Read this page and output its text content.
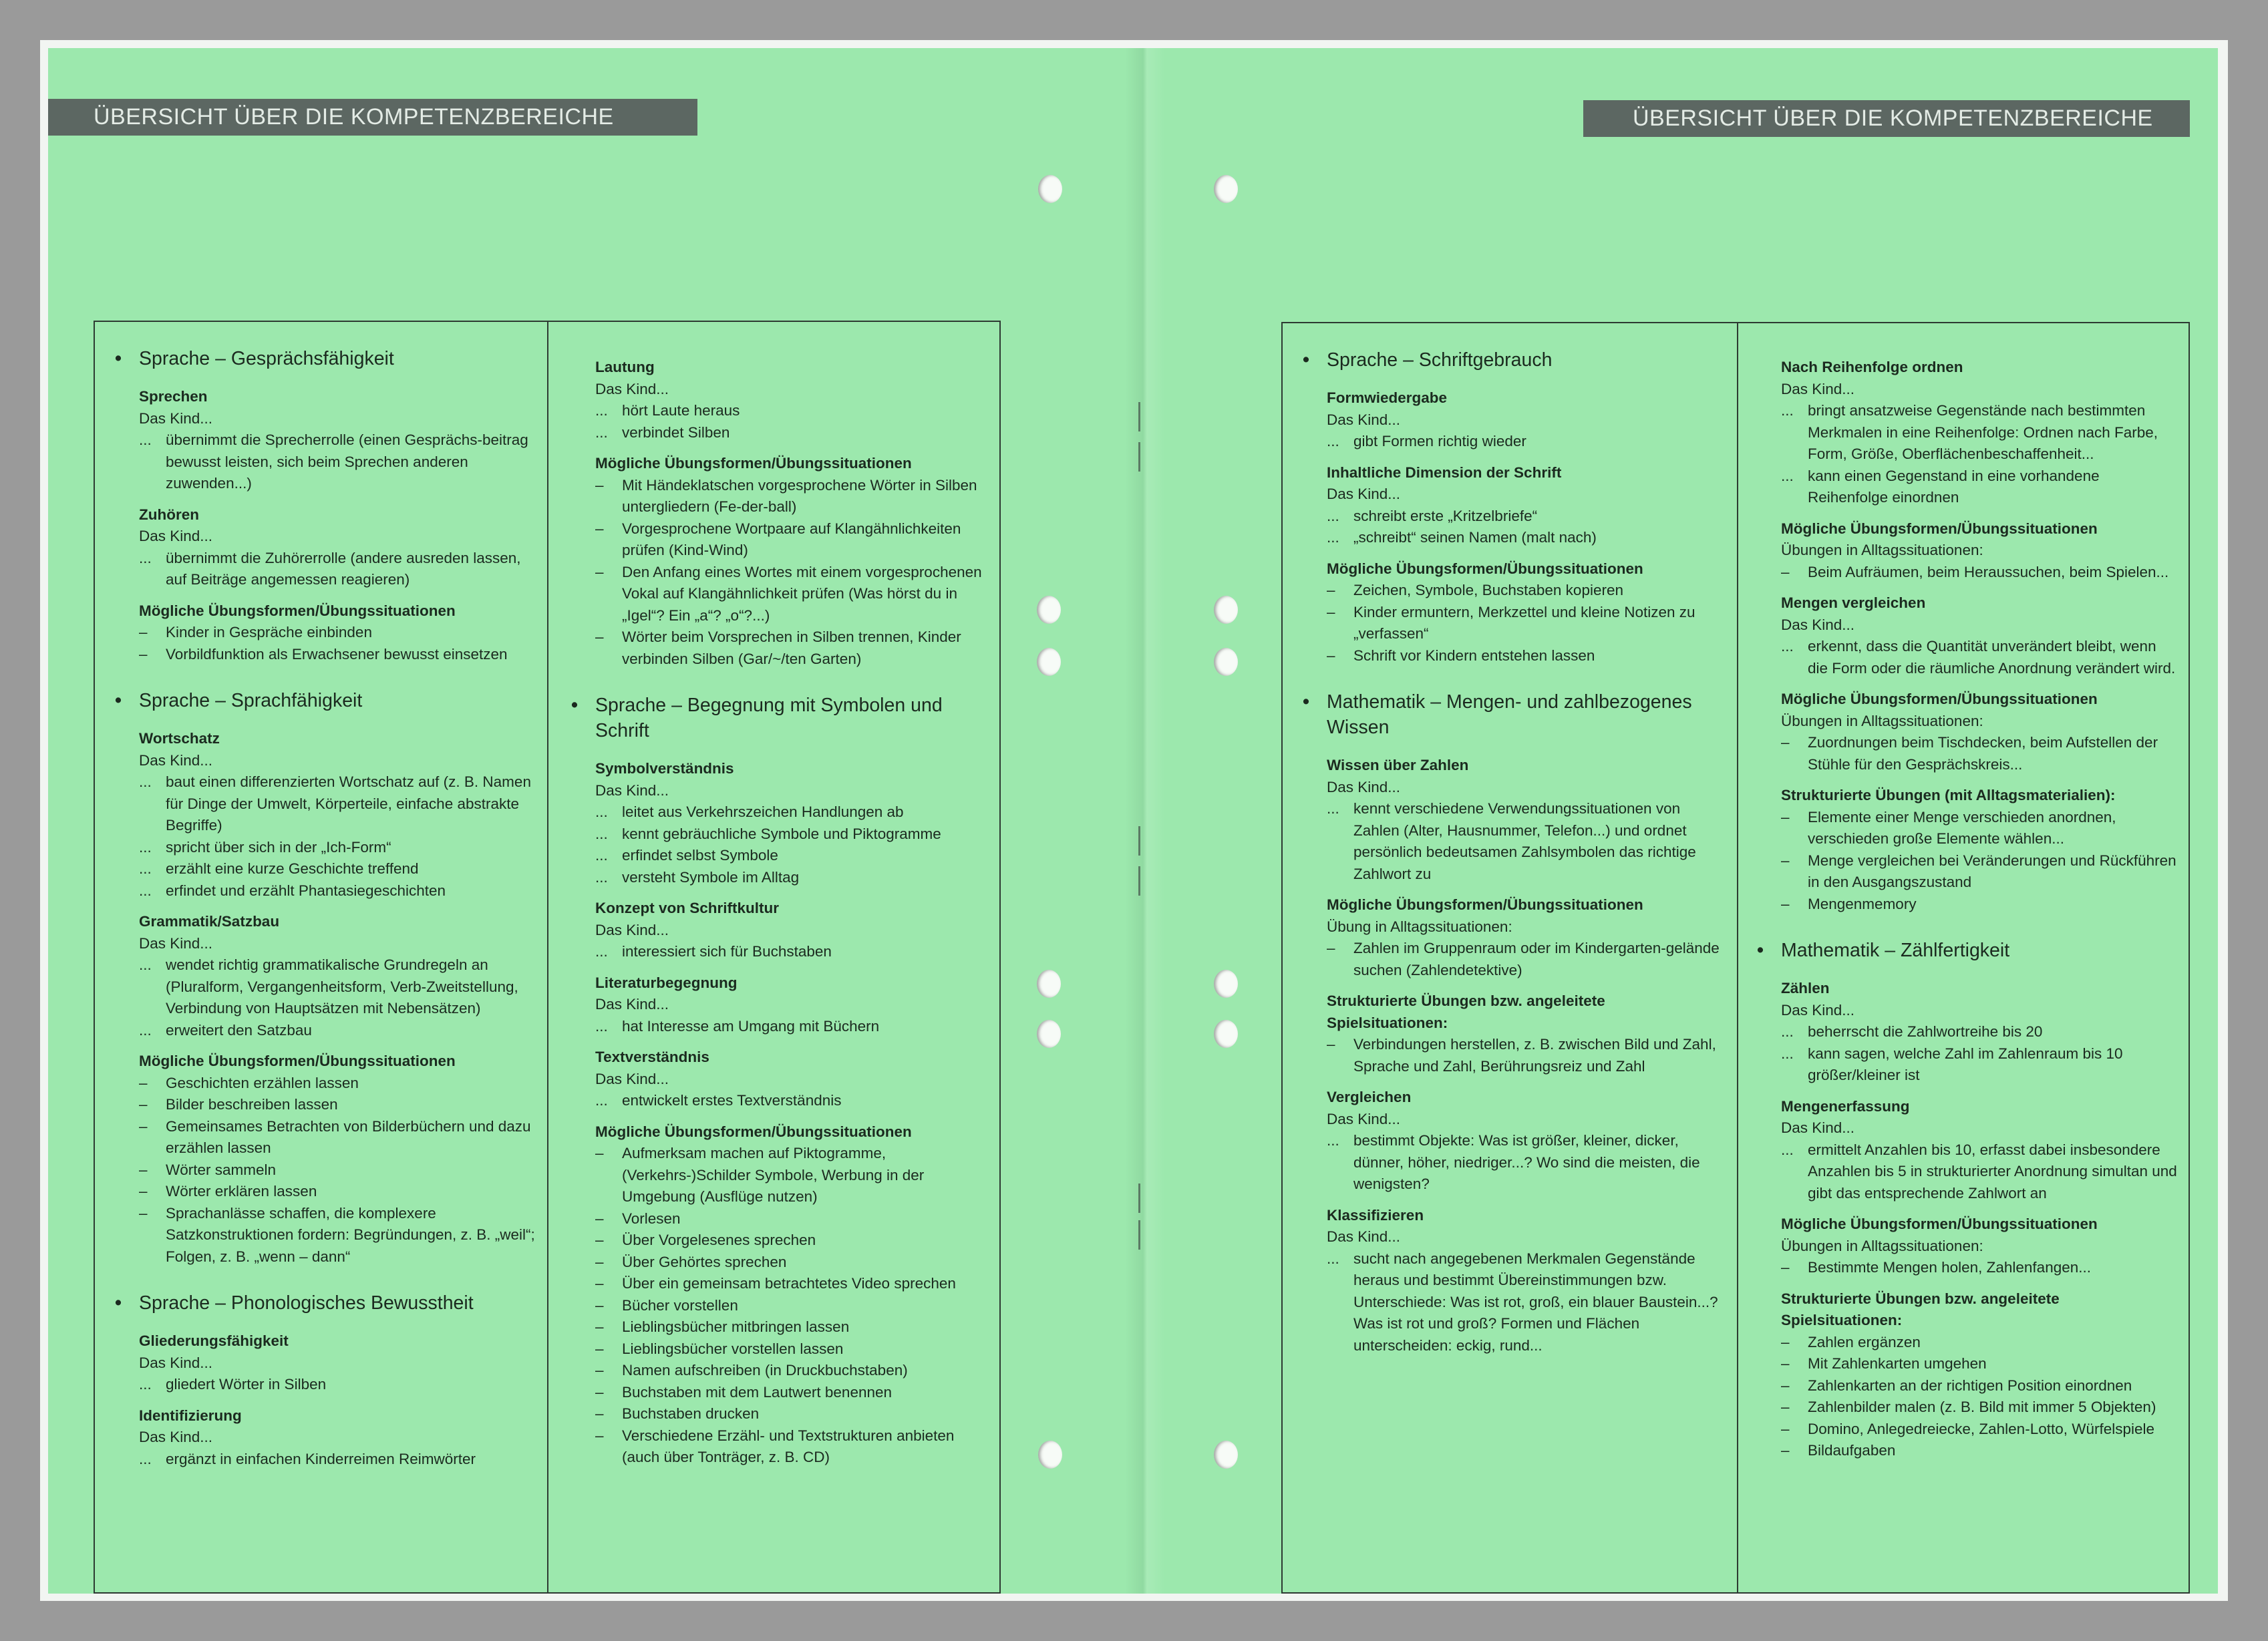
ÜBERSICHT ÜBER DIE KOMPETENZBEREICHE	ÜBERSICHT ÜBER DIE KOMPETENZBEREICHE
• Sprache – Gesprächsfähigkeit
Sprechen
Das Kind...
... übernimmt die Sprecherrolle (einen Gesprächs-beitrag bewusst leisten, sich beim Sprechen anderen zuwenden...)
Zuhören
Das Kind...
... übernimmt die Zuhörerrolle (andere ausreden lassen, auf Beiträge angemessen reagieren)
Mögliche Übungsformen/Übungssituationen
–	Kinder in Gespräche einbinden
–	Vorbildfunktion als Erwachsener bewusst einsetzen
• Sprache – Sprachfähigkeit
Wortschatz
Das Kind...
... baut einen differenzierten Wortschatz auf (z. B. Namen für Dinge der Umwelt, Körperteile, einfache abstrakte Begriffe)
... spricht über sich in der „Ich-Form“
... erzählt eine kurze Geschichte treffend
... erfindet und erzählt Phantasiegeschichten
Grammatik/Satzbau
Das Kind...
... wendet richtig grammatikalische Grundregeln an (Pluralform, Vergangenheitsform, Verb-Zweitstellung, Verbindung von Hauptsätzen mit Nebensätzen)
... erweitert den Satzbau
Mögliche Übungsformen/Übungssituationen
–	Geschichten erzählen lassen
–	Bilder beschreiben lassen
–	Gemeinsames Betrachten von Bilderbüchern und dazu erzählen lassen
–	Wörter sammeln
–	Wörter erklären lassen
–	Sprachanlässe schaffen, die komplexere Satzkonstruktionen fordern: Begründungen, z. B. „weil“; Folgen, z. B. „wenn – dann“
• Sprache – Phonologisches Bewusstheit
Gliederungsfähigkeit
Das Kind...
... gliedert Wörter in Silben
Identifizierung
Das Kind...
... ergänzt in einfachen Kinderreimen Reimwörter
Lautung
Das Kind...
... hört Laute heraus
... verbindet Silben
Mögliche Übungsformen/Übungssituationen
–	Mit Händeklatschen vorgesprochene Wörter in Silben untergliedern (Fe-der-ball)
–	Vorgesprochene Wortpaare auf Klangähnlichkeiten prüfen (Kind-Wind)
–	Den Anfang eines Wortes mit einem vorgesprochenen Vokal auf Klangähnlichkeit prüfen (Was hörst du in „Igel“? Ein „a“? „o“?...)
–	Wörter beim Vorsprechen in Silben trennen, Kinder verbinden Silben (Gar/~/ten Garten)
• Sprache – Begegnung mit Symbolen und Schrift
Symbolverständnis
Das Kind...
... leitet aus Verkehrszeichen Handlungen ab
... kennt gebräuchliche Symbole und Piktogramme
... erfindet selbst Symbole
... versteht Symbole im Alltag
Konzept von Schriftkultur
Das Kind...
... interessiert sich für Buchstaben
Literaturbegegnung
Das Kind...
... hat Interesse am Umgang mit Büchern
Textverständnis
Das Kind...
... entwickelt erstes Textverständnis
Mögliche Übungsformen/Übungssituationen
–	Aufmerksam machen auf Piktogramme, (Verkehrs-)Schilder Symbole, Werbung in der Umgebung (Ausflüge nutzen)
–	Vorlesen
–	Über Vorgelesenes sprechen
–	Über Gehörtes sprechen
–	Über ein gemeinsam betrachtetes Video sprechen
–	Bücher vorstellen
–	Lieblingsbücher mitbringen lassen
–	Lieblingsbücher vorstellen lassen
–	Namen aufschreiben (in Druckbuchstaben)
–	Buchstaben mit dem Lautwert benennen
–	Buchstaben drucken
–	Verschiedene Erzähl- und Textstrukturen anbieten (auch über Tonträger, z. B. CD)
• Sprache – Schriftgebrauch
Formwiedergabe
Das Kind...
... gibt Formen richtig wieder
Inhaltliche Dimension der Schrift
Das Kind...
... schreibt erste „Kritzelbriefe“
... „schreibt“ seinen Namen (malt nach)
Mögliche Übungsformen/Übungssituationen
–	Zeichen, Symbole, Buchstaben kopieren
–	Kinder ermuntern, Merkzettel und kleine Notizen zu „verfassen“
–	Schrift vor Kindern entstehen lassen
• Mathematik – Mengen- und zahlbezogenes Wissen
Wissen über Zahlen
Das Kind...
... kennt verschiedene Verwendungssituationen von Zahlen (Alter, Hausnummer, Telefon...) und ordnet persönlich bedeutsamen Zahlsymbolen das richtige Zahlwort zu
Mögliche Übungsformen/Übungssituationen
Übung in Alltagssituationen:
–	Zahlen im Gruppenraum oder im Kindergarten-gelände suchen (Zahlendetektive)
Strukturierte Übungen bzw. angeleitete Spielsituationen:
–	Verbindungen herstellen, z. B. zwischen Bild und Zahl, Sprache und Zahl, Berührungsreiz und Zahl
Vergleichen
Das Kind...
... bestimmt Objekte: Was ist größer, kleiner, dicker, dünner, höher, niedriger...? Wo sind die meisten, die wenigsten?
Klassifizieren
Das Kind...
... sucht nach angegebenen Merkmalen Gegenstände heraus und bestimmt Übereinstimmungen bzw. Unterschiede: Was ist rot, groß, ein blauer Baustein...? Was ist rot und groß? Formen und Flächen unterscheiden: eckig, rund...
Nach Reihenfolge ordnen
Das Kind...
... bringt ansatzweise Gegenstände nach bestimmten Merkmalen in eine Reihenfolge: Ordnen nach Farbe, Form, Größe, Oberflächenbeschaffenheit...
... kann einen Gegenstand in eine vorhandene Reihenfolge einordnen
Mögliche Übungsformen/Übungssituationen
Übungen in Alltagssituationen:
–	Beim Aufräumen, beim Heraussuchen, beim Spielen...
Mengen vergleichen
Das Kind...
... erkennt, dass die Quantität unverändert bleibt, wenn die Form oder die räumliche Anordnung verändert wird.
Mögliche Übungsformen/Übungssituationen
Übungen in Alltagssituationen:
–	Zuordnungen beim Tischdecken, beim Aufstellen der Stühle für den Gesprächskreis...
Strukturierte Übungen (mit Alltagsmaterialien):
–	Elemente einer Menge verschieden anordnen, verschieden große Elemente wählen...
–	Menge vergleichen bei Veränderungen und Rückführen in den Ausgangszustand
–	Mengenmemory
• Mathematik – Zählfertigkeit
Zählen
Das Kind...
... beherrscht die Zahlwortreihe bis 20
... kann sagen, welche Zahl im Zahlenraum bis 10 größer/kleiner ist
Mengenerfassung
Das Kind...
... ermittelt Anzahlen bis 10, erfasst dabei insbesondere Anzahlen bis 5 in strukturierter Anordnung simultan und gibt das entsprechende Zahlwort an
Mögliche Übungsformen/Übungssituationen
Übungen in Alltagssituationen:
–	Bestimmte Mengen holen, Zahlenfangen...
Strukturierte Übungen bzw. angeleitete Spielsituationen:
–	Zahlen ergänzen
–	Mit Zahlenkarten umgehen
–	Zahlenkarten an der richtigen Position einordnen
–	Zahlenbilder malen (z. B. Bild mit immer 5 Objekten)
–	Domino, Anlegedreiecke, Zahlen-Lotto, Würfelspiele
–	Bildaufgaben
